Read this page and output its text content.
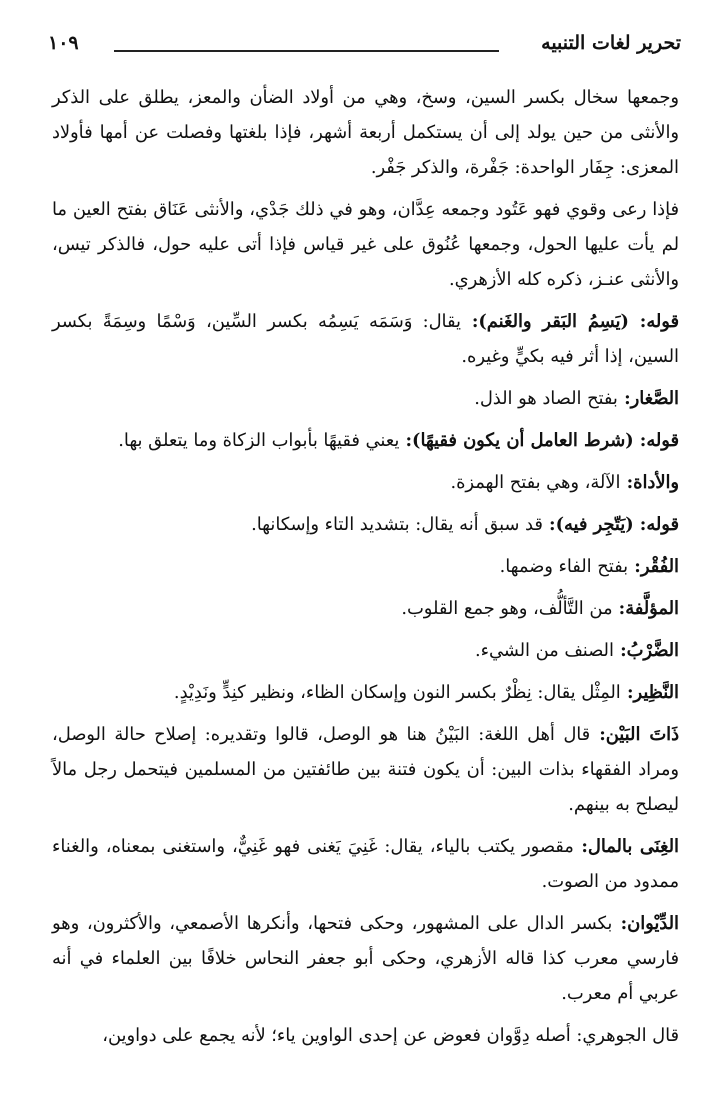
تحرير لغات التنبيه
١٠٩

وجمعها سخال بكسر السين، وسخ، وهي من أولاد الضأن والمعز، يطلق على الذكر والأنثى من حين يولد إلى أن يستكمل أربعة أشهر، فإذا بلغتها وفصلت عن أمها فأولاد المعزى: جِفَار الواحدة: جَفْرة، والذكر جَفْر.

فإذا رعى وقوي فهو عَتُود وجمعه عِدَّان، وهو في ذلك جَدْي، والأنثى عَنَاق بفتح العين ما لم يأت عليها الحول، وجمعها عُنُوق على غير قياس فإذا أتى عليه حول، فالذكر تيس، والأنثى عنـز، ذكره كله الأزهري.

قوله: (يَسِمُ البَقر والغَنم): يقال: وَسَمَه يَسِمُه بكسر السِّين، وَسْمًا وسِمَةً بكسر السين، إذا أثر فيه بكيٍّ وغيره.

الصَّغار: بفتح الصاد هو الذل.

قوله: (شرط العامل أن يكون فقيهًا): يعني فقيهًا بأبواب الزكاة وما يتعلق بها.

والأداة: الآلة، وهي بفتح الهمزة.

قوله: (يَتّجِر فيه): قد سبق أنه يقال: بتشديد التاء وإسكانها.

الفُقْر: بفتح الفاء وضمها.

المؤلَّفة: من التَّألُّف، وهو جمع القلوب.

الضَّرْبُ: الصنف من الشيء.

النَّظِير: المِثْل يقال: نِظْرٌ بكسر النون وإسكان الظاء، ونظير كنِدٍّ ونَدِيْدٍ.

ذَاتَ البَيْن: قال أهل اللغة: البَيْنُ هنا هو الوصل، قالوا وتقديره: إصلاح حالة الوصل، ومراد الفقهاء بذات البين: أن يكون فتنة بين طائفتين من المسلمين فيتحمل رجل مالاً ليصلح به بينهم.

الغِنَى بالمال: مقصور يكتب بالياء، يقال: غَنِيَ يَغنى فهو غَنِيٌّ، واستغنى بمعناه، والغناء ممدود من الصوت.

الدِّيْوان: بكسر الدال على المشهور، وحكى فتحها، وأنكرها الأصمعي، والأكثرون، وهو فارسي معرب كذا قاله الأزهري، وحكى أبو جعفر النحاس خلافًا بين العلماء في أنه عربي أم معرب.

قال الجوهري: أصله دِوَّوان فعوض عن إحدى الواوين ياء؛ لأنه يجمع على دواوين،
